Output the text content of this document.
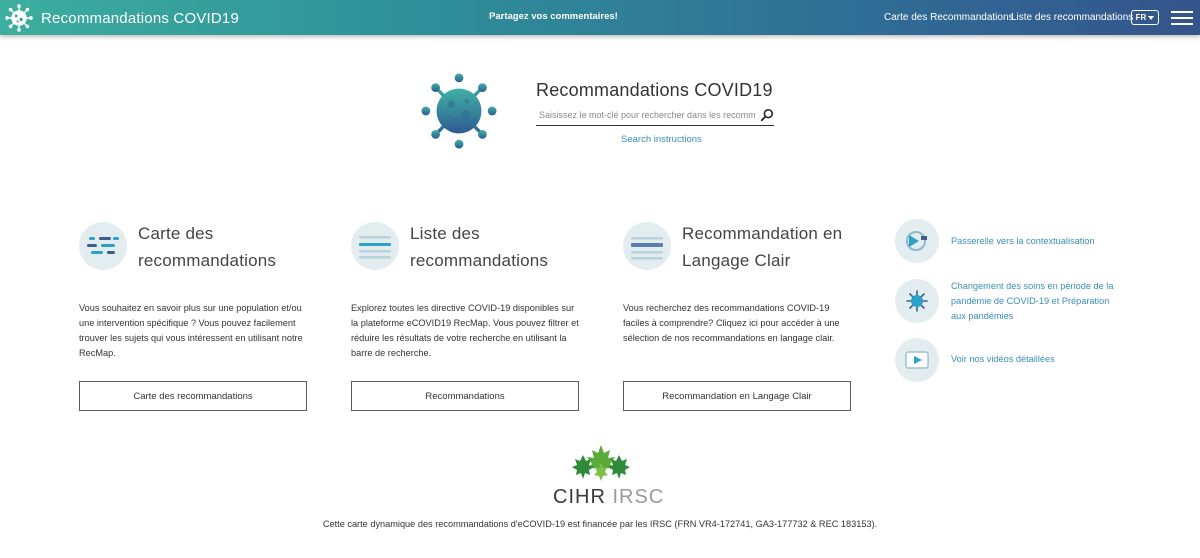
Recommandations COVID19	Partagez vos commentaires!	Carte des Recommandations
Liste des recommandations FR
Recommandations COVID19
Saisissez le mot-clé pour rechercher dans les recommandations
Search instructions
Carte des
recommandations
Vous souhaitez en savoir plus sur une population et/ou une intervention spécifique ? Vous pouvez facilement trouver les sujets qui vous intéressent en utilisant notre RecMap.
Carte des recommandations
Liste des
recommandations
Explorez toutes les directive COVID-19 disponibles sur la plateforme eCOVID19 RecMap. Vous pouvez filtrer et réduire les résultats de votre recherche en utilisant la barre de recherche.
Recommandations
Recommandation en
Langage Clair
Vous recherchez des recommandations COVID-19 faciles à comprendre? Cliquez ici pour accéder à une sélection de nos recommandations en langage clair.
Recommandation en Langage Clair
Passerelle vers la contextualisation
Changement des soins en période de la pandémie de COVID-19 et Préparation aux pandémies
Voir nos vidéos détaillées
CIHR IRSC
Cette carte dynamique des recommandations d'eCOVID-19 est financée par les IRSC (FRN VR4-172741, GA3-177732 & REC 183153).
